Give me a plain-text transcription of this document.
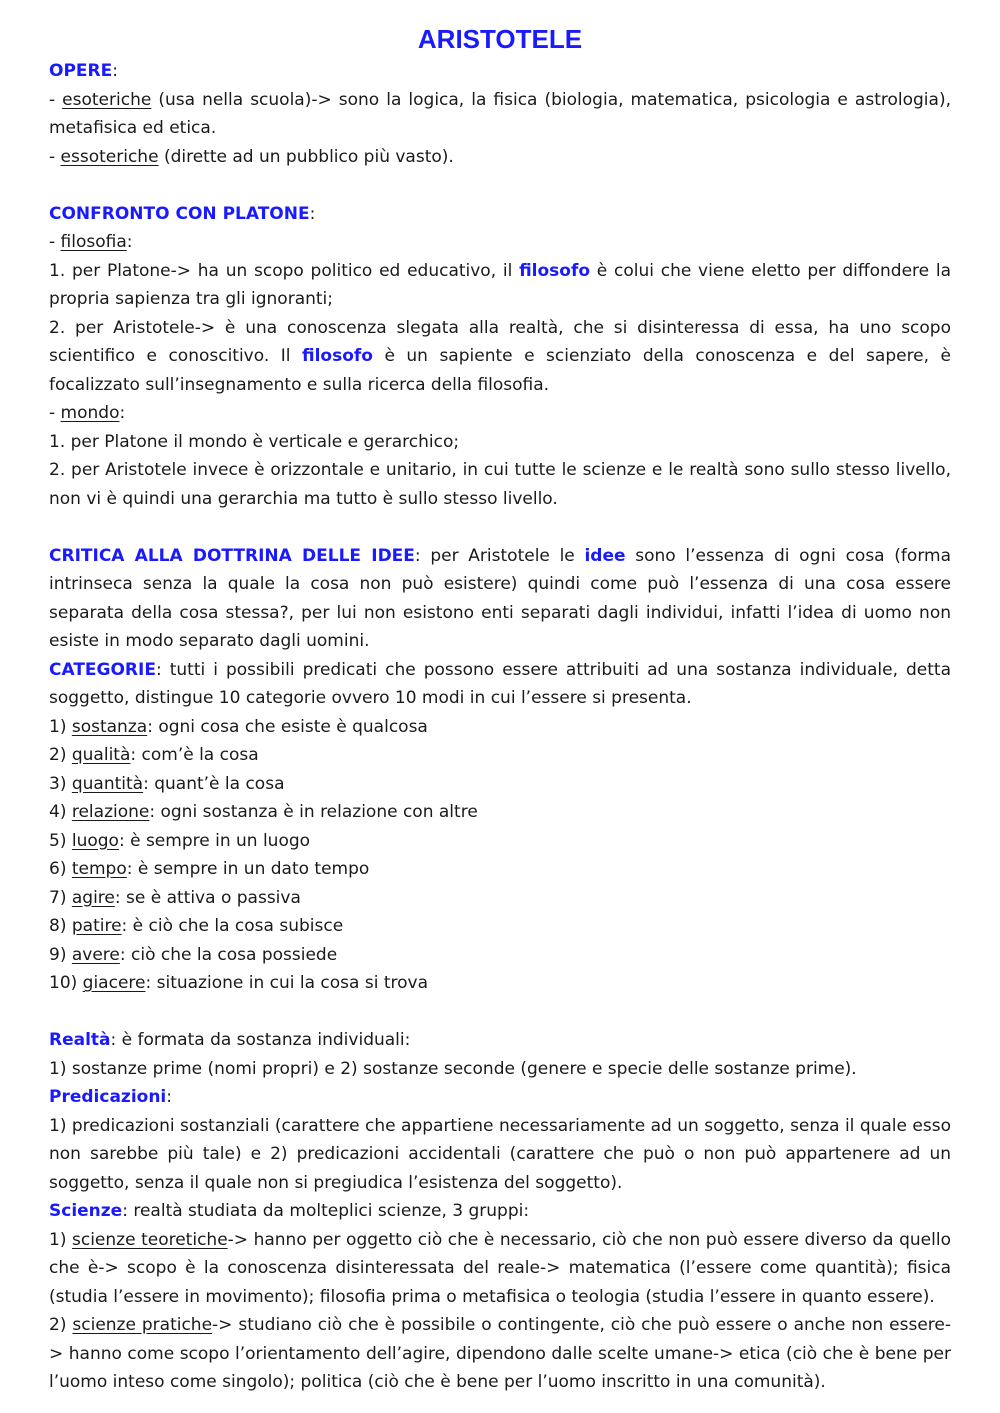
ARISTOTELE

OPERE:

- esoteriche (usa nella scuola)-> sono la logica, la fisica (biologia, matematica, psicologia e astrologia), metafisica ed etica.

- essoteriche (dirette ad un pubblico più vasto).

CONFRONTO CON PLATONE:

- filosofia:

1. per Platone-> ha un scopo politico ed educativo, il filosofo è colui che viene eletto per diffondere la propria sapienza tra gli ignoranti;

2. per Aristotele-> è una conoscenza slegata alla realtà, che si disinteressa di essa, ha uno scopo scientifico e conoscitivo. Il filosofo è un sapiente e scienziato della conoscenza e del sapere, è focalizzato sull’insegnamento e sulla ricerca della filosofia.

- mondo:

1. per Platone il mondo è verticale e gerarchico;

2. per Aristotele invece è orizzontale e unitario, in cui tutte le scienze e le realtà sono sullo stesso livello, non vi è quindi una gerarchia ma tutto è sullo stesso livello.

CRITICA ALLA DOTTRINA DELLE IDEE: per Aristotele le idee sono l’essenza di ogni cosa (forma intrinseca senza la quale la cosa non può esistere) quindi come può l’essenza di una cosa essere separata della cosa stessa?, per lui non esistono enti separati dagli individui, infatti l’idea di uomo non esiste in modo separato dagli uomini.

CATEGORIE: tutti i possibili predicati che possono essere attribuiti ad una sostanza individuale, detta soggetto, distingue 10 categorie ovvero 10 modi in cui l’essere si presenta.

1) sostanza: ogni cosa che esiste è qualcosa

2) qualità: com’è la cosa

3) quantità: quant’è la cosa

4) relazione: ogni sostanza è in relazione con altre

5) luogo: è sempre in un luogo

6) tempo: è sempre in un dato tempo

7) agire: se è attiva o passiva

8) patire: è ciò che la cosa subisce

9) avere: ciò che la cosa possiede

10) giacere: situazione in cui la cosa si trova

Realtà: è formata da sostanza individuali:

1) sostanze prime (nomi propri) e 2) sostanze seconde (genere e specie delle sostanze prime).

Predicazioni:

1) predicazioni sostanziali (carattere che appartiene necessariamente ad un soggetto, senza il quale esso non sarebbe più tale) e 2) predicazioni accidentali (carattere che può o non può appartenere ad un soggetto, senza il quale non si pregiudica l’esistenza del soggetto).

Scienze: realtà studiata da molteplici scienze, 3 gruppi:

1) scienze teoretiche-> hanno per oggetto ciò che è necessario, ciò che non può essere diverso da quello che è-> scopo è la conoscenza disinteressata del reale-> matematica (l’essere come quantità); fisica (studia l’essere in movimento); filosofia prima o metafisica o teologia (studia l’essere in quanto essere).

2) scienze pratiche-> studiano ciò che è possibile o contingente, ciò che può essere o anche non essere-> hanno come scopo l’orientamento dell’agire, dipendono dalle scelte umane-> etica (ciò che è bene per l’uomo inteso come singolo); politica (ciò che è bene per l’uomo inscritto in una comunità).
